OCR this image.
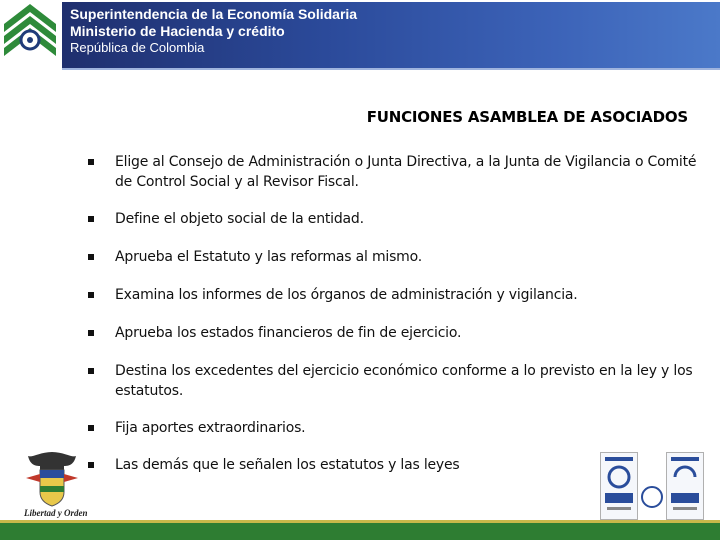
Superintendencia de la Economía Solidaria
Ministerio de Hacienda y crédito
República de Colombia
FUNCIONES ASAMBLEA DE ASOCIADOS
Elige al Consejo de Administración o Junta Directiva, a la Junta de Vigilancia o Comité de Control Social y al Revisor Fiscal.
Define el objeto social de la entidad.
Aprueba el Estatuto y las reformas al mismo.
Examina los informes de los órganos de administración y vigilancia.
Aprueba los estados financieros de fin de ejercicio.
Destina los excedentes del ejercicio económico conforme a lo previsto en la ley y los estatutos.
Fija aportes extraordinarios.
Las demás que le señalen los estatutos y las leyes
Libertad y Orden
